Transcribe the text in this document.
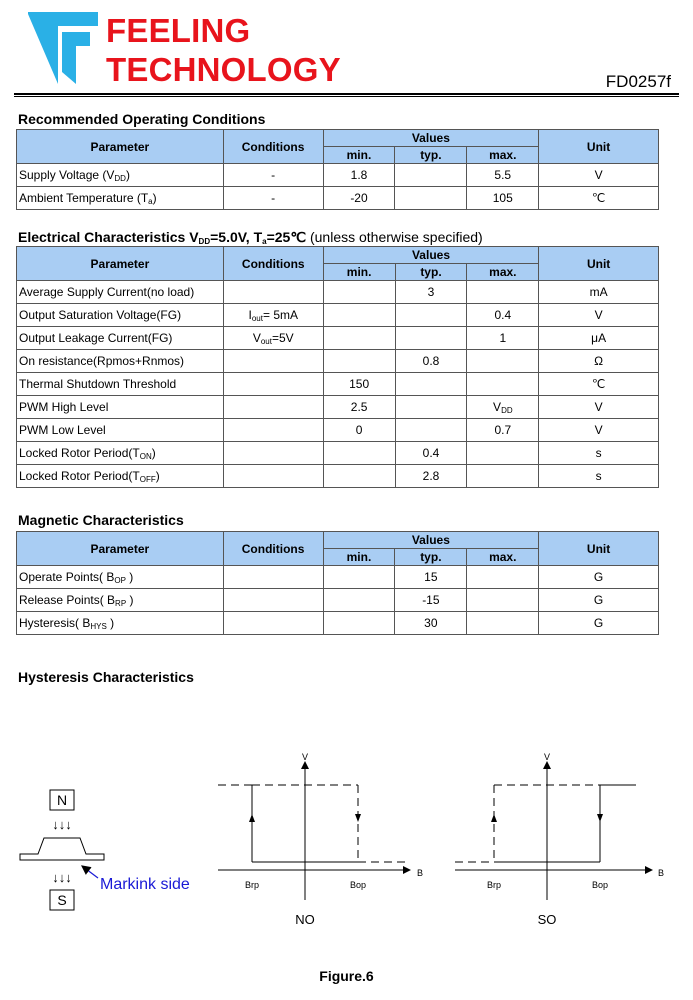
FEELING
TECHNOLOGY	FD0257f
Recommended Operating Conditions
Parameter	Conditions	Values			Unit
		min.	typ.	max.	
Supply Voltage $(V_{DD})$	-	1.8		5.5	V
Ambient Temperature $(T_a)$	-	-20		105	℃
Electrical Characteristics $V_{DD}=5.0V$, $T_a=25℃$ (unless otherwise specified)
Parameter	Conditions	Values			Unit
		min.	typ.	max.	
Average Supply Current(no load)			3		mA
Output Saturation Voltage(FG)	$I_{out}= 5mA$			0.4	V
Output Leakage Current(FG)	$V_{out}=5V$			1	μA
On resistance(Rpmos+Rnmos)			0.8		Ω
Thermal Shutdown Threshold		150			℃
PWM High Level		2.5		$V_{DD}$	V
PWM Low Level		0		0.7	V
Locked Rotor $Period(T_{ON})$			0.4		s
Locked Rotor $Period(T_{OFF})$			2.8		s
Magnetic Characteristics
Parameter	Conditions	Values			Unit
		min.	typ.	max.	
Operate Points( $B_{OP}$ )			15		G
Release Points( $B_{RP}$ )			-15		G
Hysteresis( $B_{HYS}$ )			30		G
Hysteresis Characteristics
N
↓↓↓
↓↓↓
S
Markink side
V
B
Brp	Bop
NO
V
B
Brp	Bop
SO
Figure.6
